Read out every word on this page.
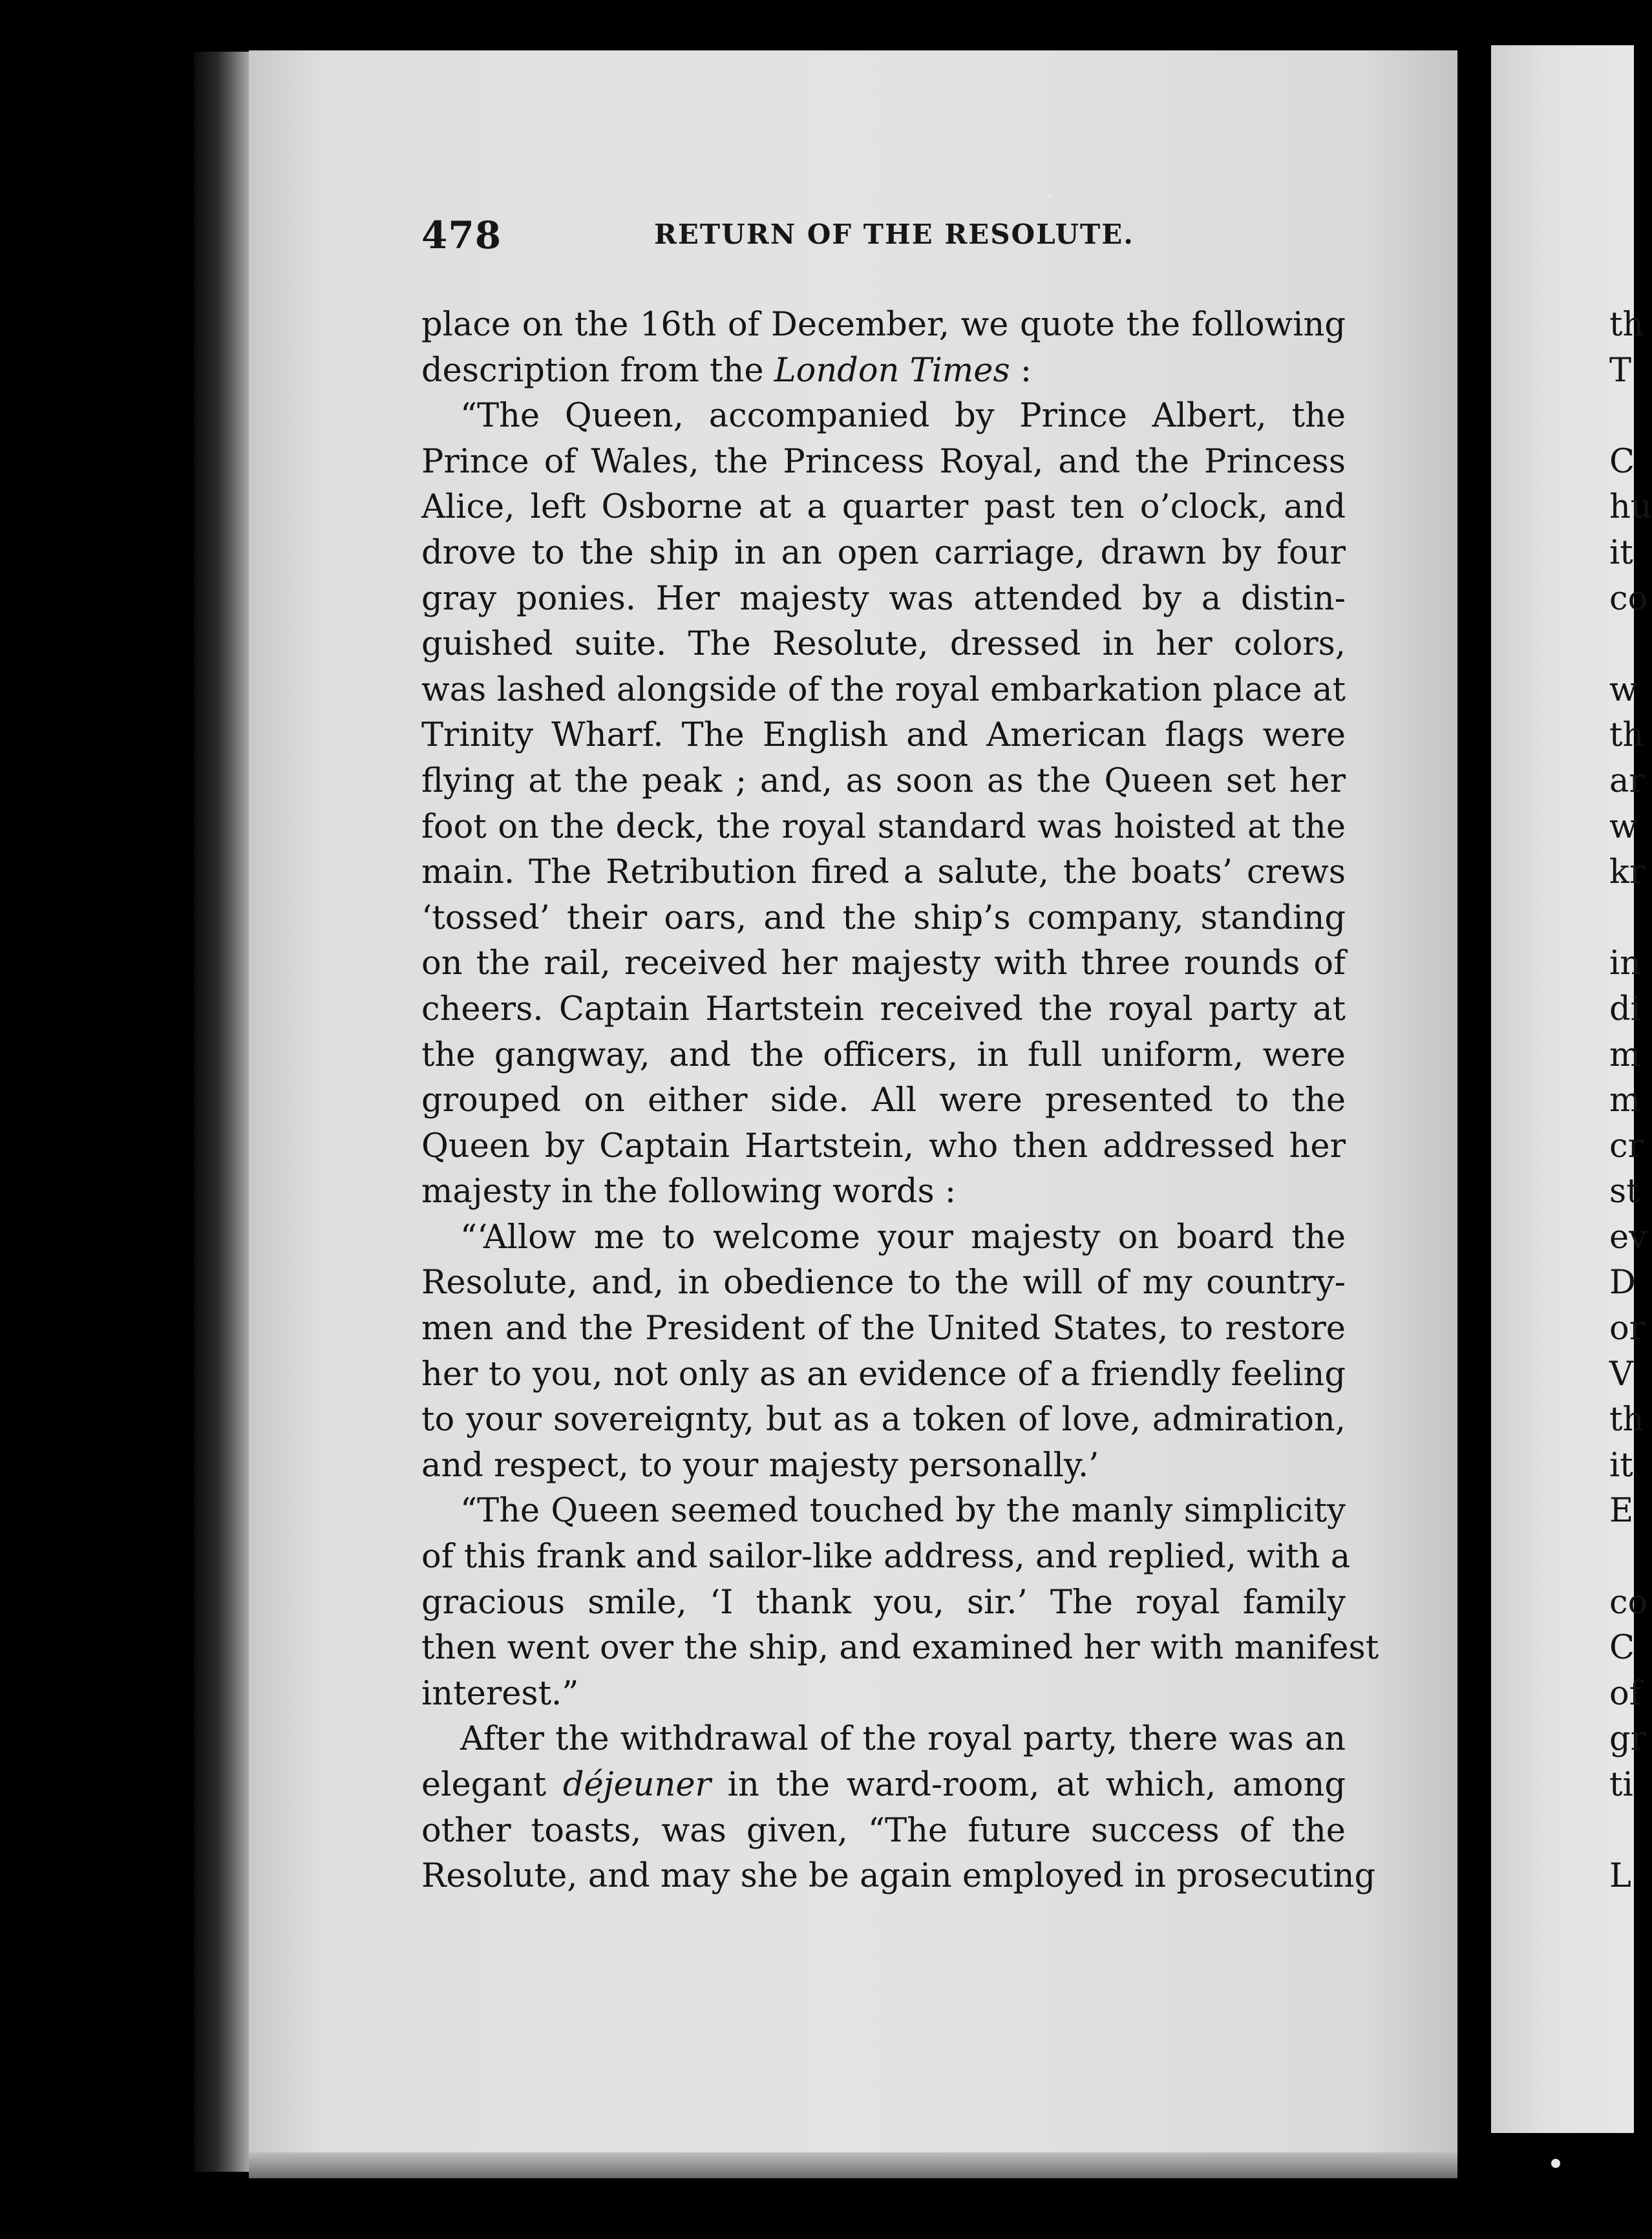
478	RETURN OF THE RESOLUTE.
place on the 16th of December, we quote the following
description from the London Times :
“The Queen, accompanied by Prince Albert, the
Prince of Wales, the Princess Royal, and the Princess
Alice, left Osborne at a quarter past ten o’clock, and
drove to the ship in an open carriage, drawn by four
gray ponies. Her majesty was attended by a distin-
guished suite. The Resolute, dressed in her colors,
was lashed alongside of the royal embarkation place at
Trinity Wharf. The English and American flags were
flying at the peak ; and, as soon as the Queen set her
foot on the deck, the royal standard was hoisted at the
main. The Retribution fired a salute, the boats’ crews
‘tossed’ their oars, and the ship’s company, standing
on the rail, received her majesty with three rounds of
cheers. Captain Hartstein received the royal party at
the gangway, and the officers, in full uniform, were
grouped on either side. All were presented to the
Queen by Captain Hartstein, who then addressed her
majesty in the following words :
“‘Allow me to welcome your majesty on board the
Resolute, and, in obedience to the will of my country-
men and the President of the United States, to restore
her to you, not only as an evidence of a friendly feeling
to your sovereignty, but as a token of love, admiration,
and respect, to your majesty personally.’
“The Queen seemed touched by the manly simplicity
of this frank and sailor-like address, and replied, with a
gracious smile, ‘I thank you, sir.’ The royal family
then went over the ship, and examined her with manifest
interest.”
After the withdrawal of the royal party, there was an
elegant déjeuner in the ward-room, at which, among
other toasts, was given, “The future success of the
Resolute, and may she be again employed in prosecuting
th
T
C
hu
it
co
w
th
ar
w
kr
in
di
m
m
cr
st
ev
D
or
V
th
it
E
co
C
of
gr
ti
L
